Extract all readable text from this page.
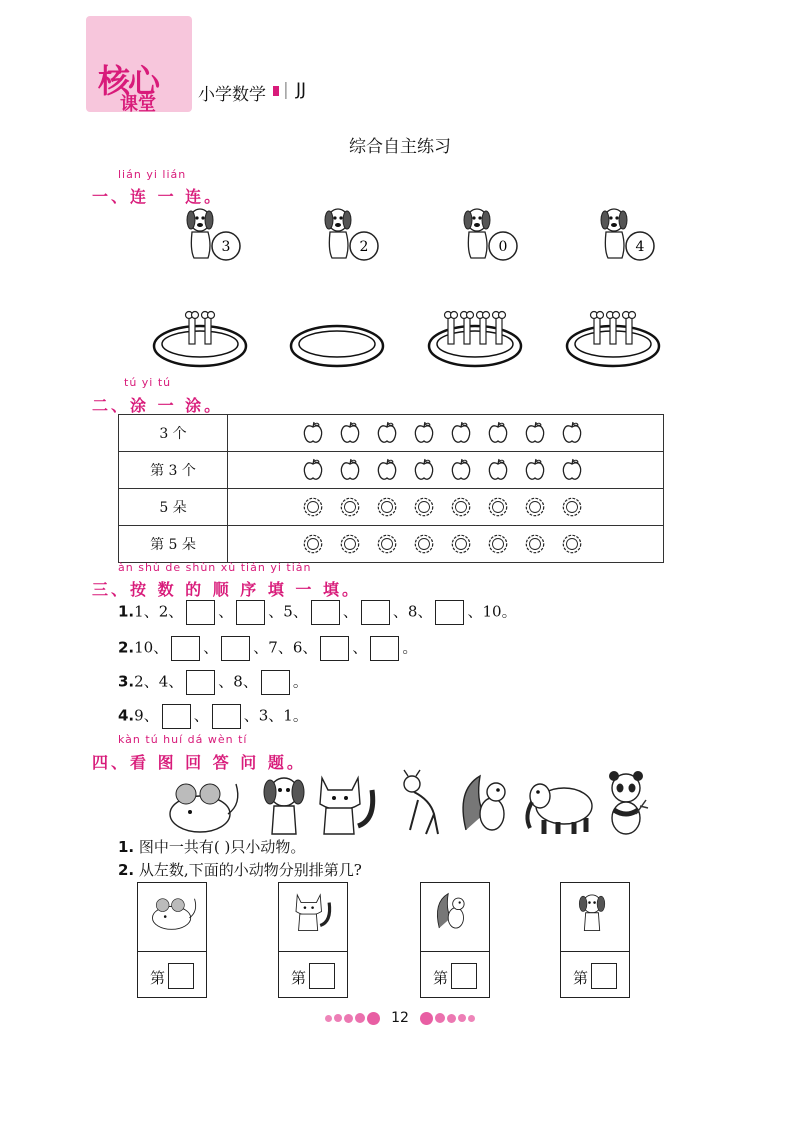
核心
课堂 小学数学 | JJ
综合自主练习
lián yi lián
一、连 一 连。
3	2	0	4
tú yi tú
二、涂 一 涂。
3 个	
第 3 个	
5 朵	
第 5 朵	
àn shù de shùn xù tián yi tián
三、按 数 的 顺 序 填 一 填。
1.1、2、 、 、5、 、 、8、 、10。
2.10、 、 、7、6、 、 。
3.2、4、 、8、 。
4.9、 、 、3、1。
kàn tú huí dá wèn tí
四、看 图 回 答 问 题。
1. 图中一共有( )只小动物。
2. 从左数,下面的小动物分别排第几?
第	第	第	第
12
